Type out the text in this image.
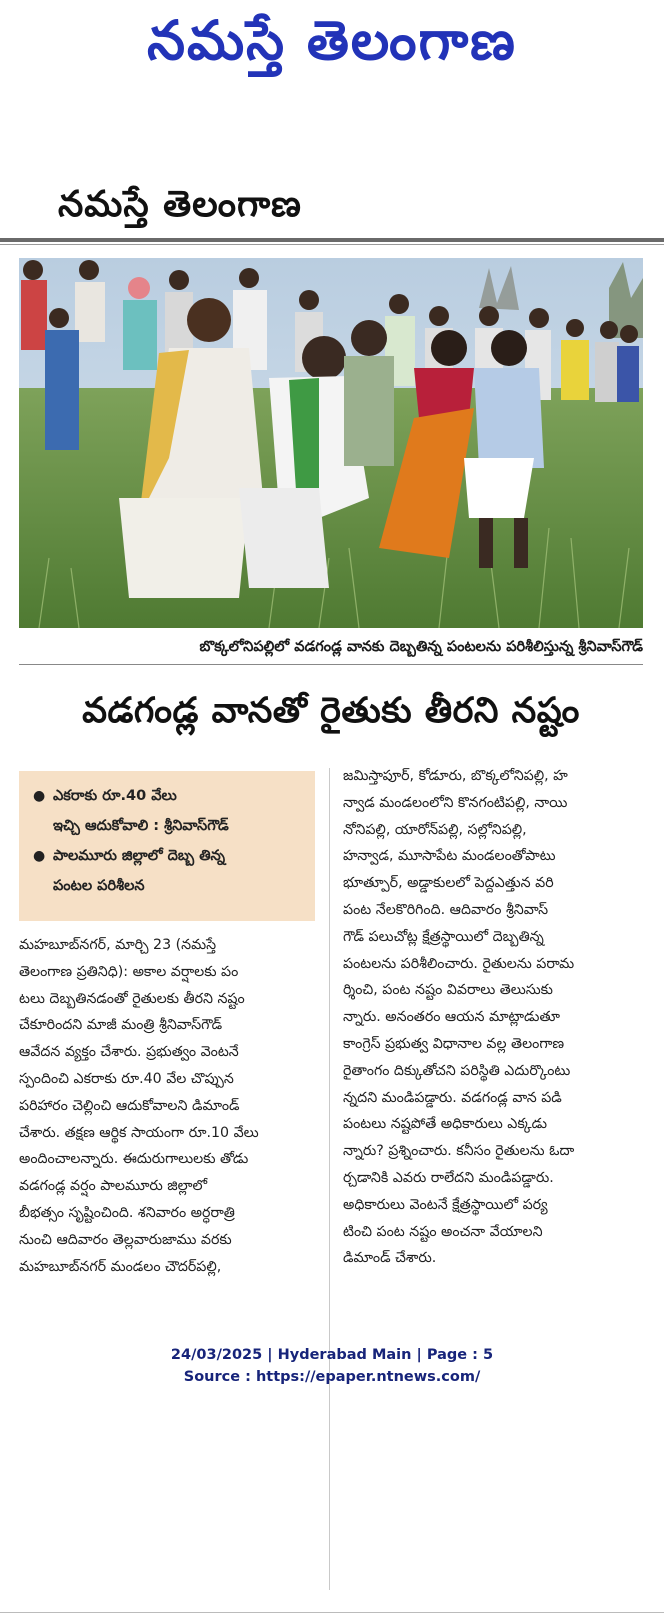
నమస్తే తెలంగాణ
నమస్తే తెలంగాణ
బొక్కలోనిపల్లిలో వడగండ్ల వానకు దెబ్బతిన్న పంటలను పరిశీలిస్తున్న శ్రీనివాస్‌గౌడ్
వడగండ్ల వానతో రైతుకు తీరని నష్టం
● ఎకరాకు రూ.40 వేలు
ఇచ్చి ఆదుకోవాలి : శ్రీనివాస్‌గౌడ్
● పాలమూరు జిల్లాలో దెబ్బ తిన్న
పంటల పరిశీలన
మహబూబ్‌నగర్, మార్చి 23 (నమస్తే
తెలంగాణ ప్రతినిధి): అకాల వర్షాలకు పం
టలు దెబ్బతినడంతో రైతులకు తీరని నష్టం
చేకూరిందని మాజీ మంత్రి శ్రీనివాస్‌గౌడ్
ఆవేదన వ్యక్తం చేశారు. ప్రభుత్వం వెంటనే
స్పందించి ఎకరాకు రూ.40 వేల చొప్పున
పరిహారం చెల్లించి ఆదుకోవాలని డిమాండ్
చేశారు. తక్షణ ఆర్థిక సాయంగా రూ.10 వేలు
అందించాలన్నారు. ఈదురుగాలులకు తోడు
వడగండ్ల వర్షం పాలమూరు జిల్లాలో
బీభత్సం సృష్టించింది. శనివారం అర్ధరాత్రి
నుంచి ఆదివారం తెల్లవారుజాము వరకు
మహబూబ్‌నగర్ మండలం చౌదర్‌పల్లి,
జమిస్తాపూర్, కోడూరు, బొక్కలోనిపల్లి, హ
న్వాడ మండలంలోని కొనగంటిపల్లి, నాయి
నోనిపల్లి, యారోన్‌పల్లి, సల్లోనిపల్లి,
హన్వాడ, మూసాపేట మండలంతోపాటు
భూత్పూర్, అడ్డాకులలో పెద్దఎత్తున వరి
పంట నేలకొరిగింది. ఆదివారం శ్రీనివాస్
గౌడ్ పలుచోట్ల క్షేత్రస్థాయిలో దెబ్బతిన్న
పంటలను పరిశీలించారు. రైతులను పరామ
ర్శించి, పంట నష్టం వివరాలు తెలుసుకు
న్నారు. అనంతరం ఆయన మాట్లాడుతూ
కాంగ్రెస్ ప్రభుత్వ విధానాల వల్ల తెలంగాణ
రైతాంగం దిక్కుతోచని పరిస్థితి ఎదుర్కొంటు
న్నదని మండిపడ్డారు. వడగండ్ల వాన పడి
పంటలు నష్టపోతే అధికారులు ఎక్కడు
న్నారు? ప్రశ్నించారు. కనీసం రైతులను ఓదా
ర్చడానికి ఎవరు రాలేదని మండిపడ్డారు.
అధికారులు వెంటనే క్షేత్రస్థాయిలో పర్య
టించి పంట నష్టం అంచనా వేయాలని
డిమాండ్ చేశారు.
24/03/2025 | Hyderabad Main | Page : 5
Source : https://epaper.ntnews.com/
